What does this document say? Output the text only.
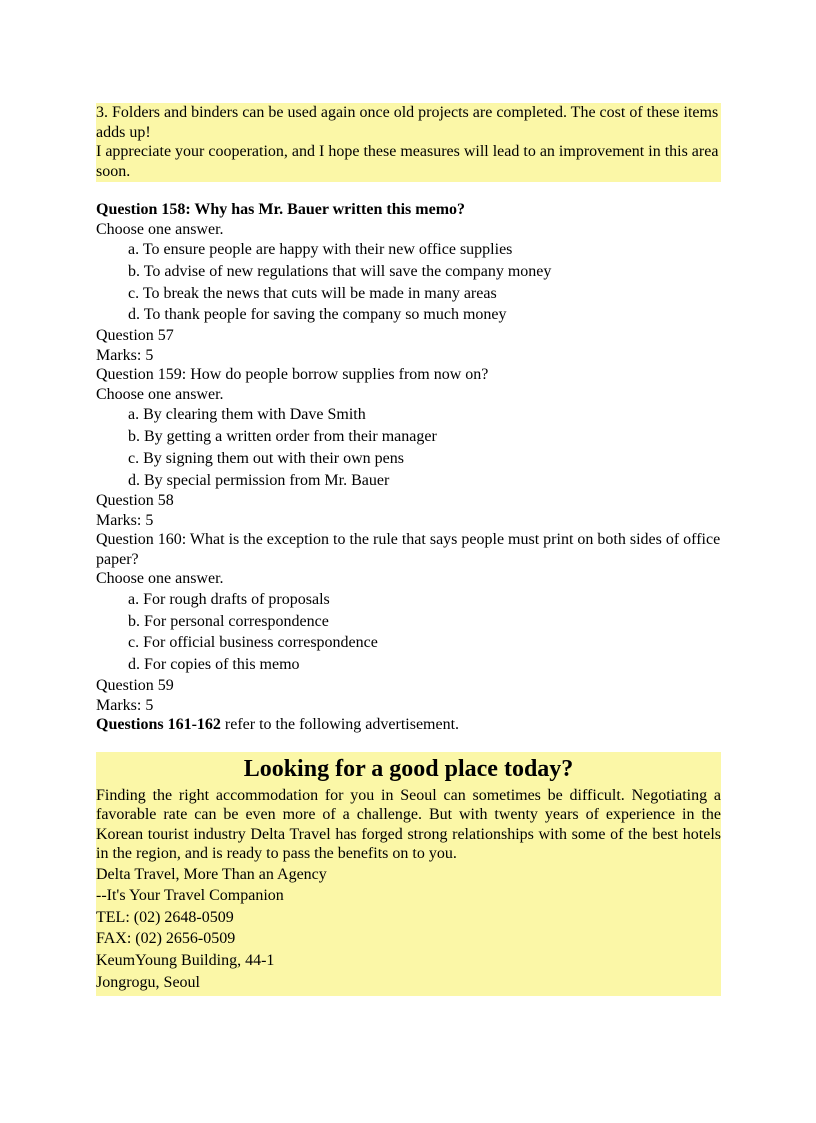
3. Folders and binders can be used again once old projects are completed. The cost of these items adds up!
I appreciate your cooperation, and I hope these measures will lead to an improvement in this area soon.
Question 158: Why has Mr. Bauer written this memo?
Choose one answer.
a. To ensure people are happy with their new office supplies
b. To advise of new regulations that will save the company money
c. To break the news that cuts will be made in many areas
d. To thank people for saving the company so much money
Question 57
Marks: 5
Question 159: How do people borrow supplies from now on?
Choose one answer.
a. By clearing them with Dave Smith
b. By getting a written order from their manager
c. By signing them out with their own pens
d. By special permission from Mr. Bauer
Question 58
Marks: 5
Question 160: What is the exception to the rule that says people must print on both sides of office paper?
Choose one answer.
a. For rough drafts of proposals
b. For personal correspondence
c. For official business correspondence
d. For copies of this memo
Question 59
Marks: 5
Questions 161-162 refer to the following advertisement.
Looking for a good place today?
Finding the right accommodation for you in Seoul can sometimes be difficult. Negotiating a favorable rate can be even more of a challenge. But with twenty years of experience in the Korean tourist industry Delta Travel has forged strong relationships with some of the best hotels in the region, and is ready to pass the benefits on to you.
Delta Travel, More Than an Agency
--It's Your Travel Companion
TEL: (02) 2648-0509
FAX: (02) 2656-0509
KeumYoung Building, 44-1
Jongrogu, Seoul
